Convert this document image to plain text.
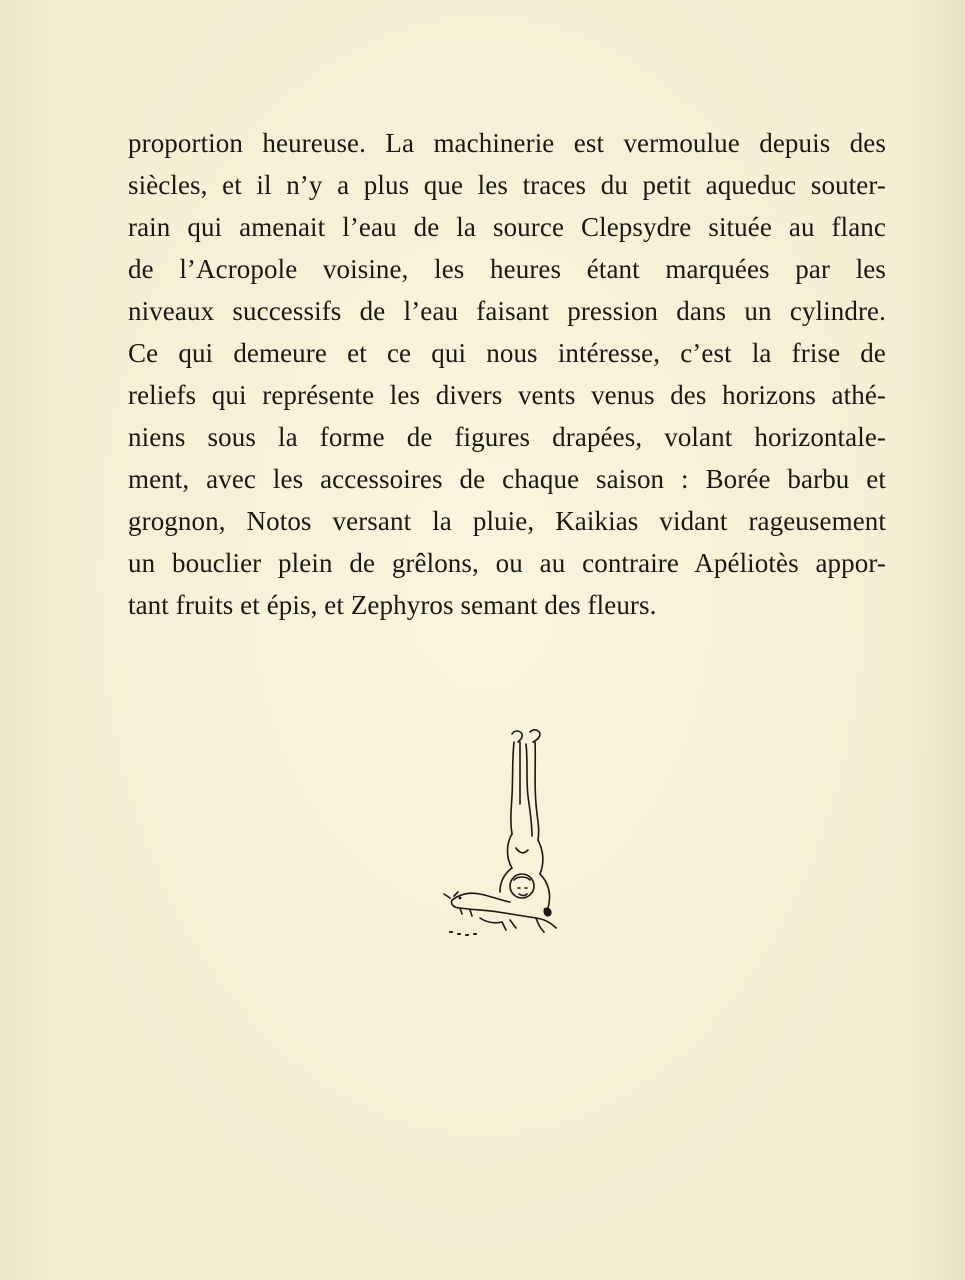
proportion heureuse. La machinerie est vermoulue depuis des
siècles, et il n’y a plus que les traces du petit aqueduc souter-
rain qui amenait l’eau de la source Clepsydre située au flanc
de l’Acropole voisine, les heures étant marquées par les
niveaux successifs de l’eau faisant pression dans un cylindre.
Ce qui demeure et ce qui nous intéresse, c’est la frise de
reliefs qui représente les divers vents venus des horizons athé-
niens sous la forme de figures drapées, volant horizontale-
ment, avec les accessoires de chaque saison : Borée barbu et
grognon, Notos versant la pluie, Kaikias vidant rageusement
un bouclier plein de grêlons, ou au contraire Apéliotès appor-
tant fruits et épis, et Zephyros semant des fleurs.
